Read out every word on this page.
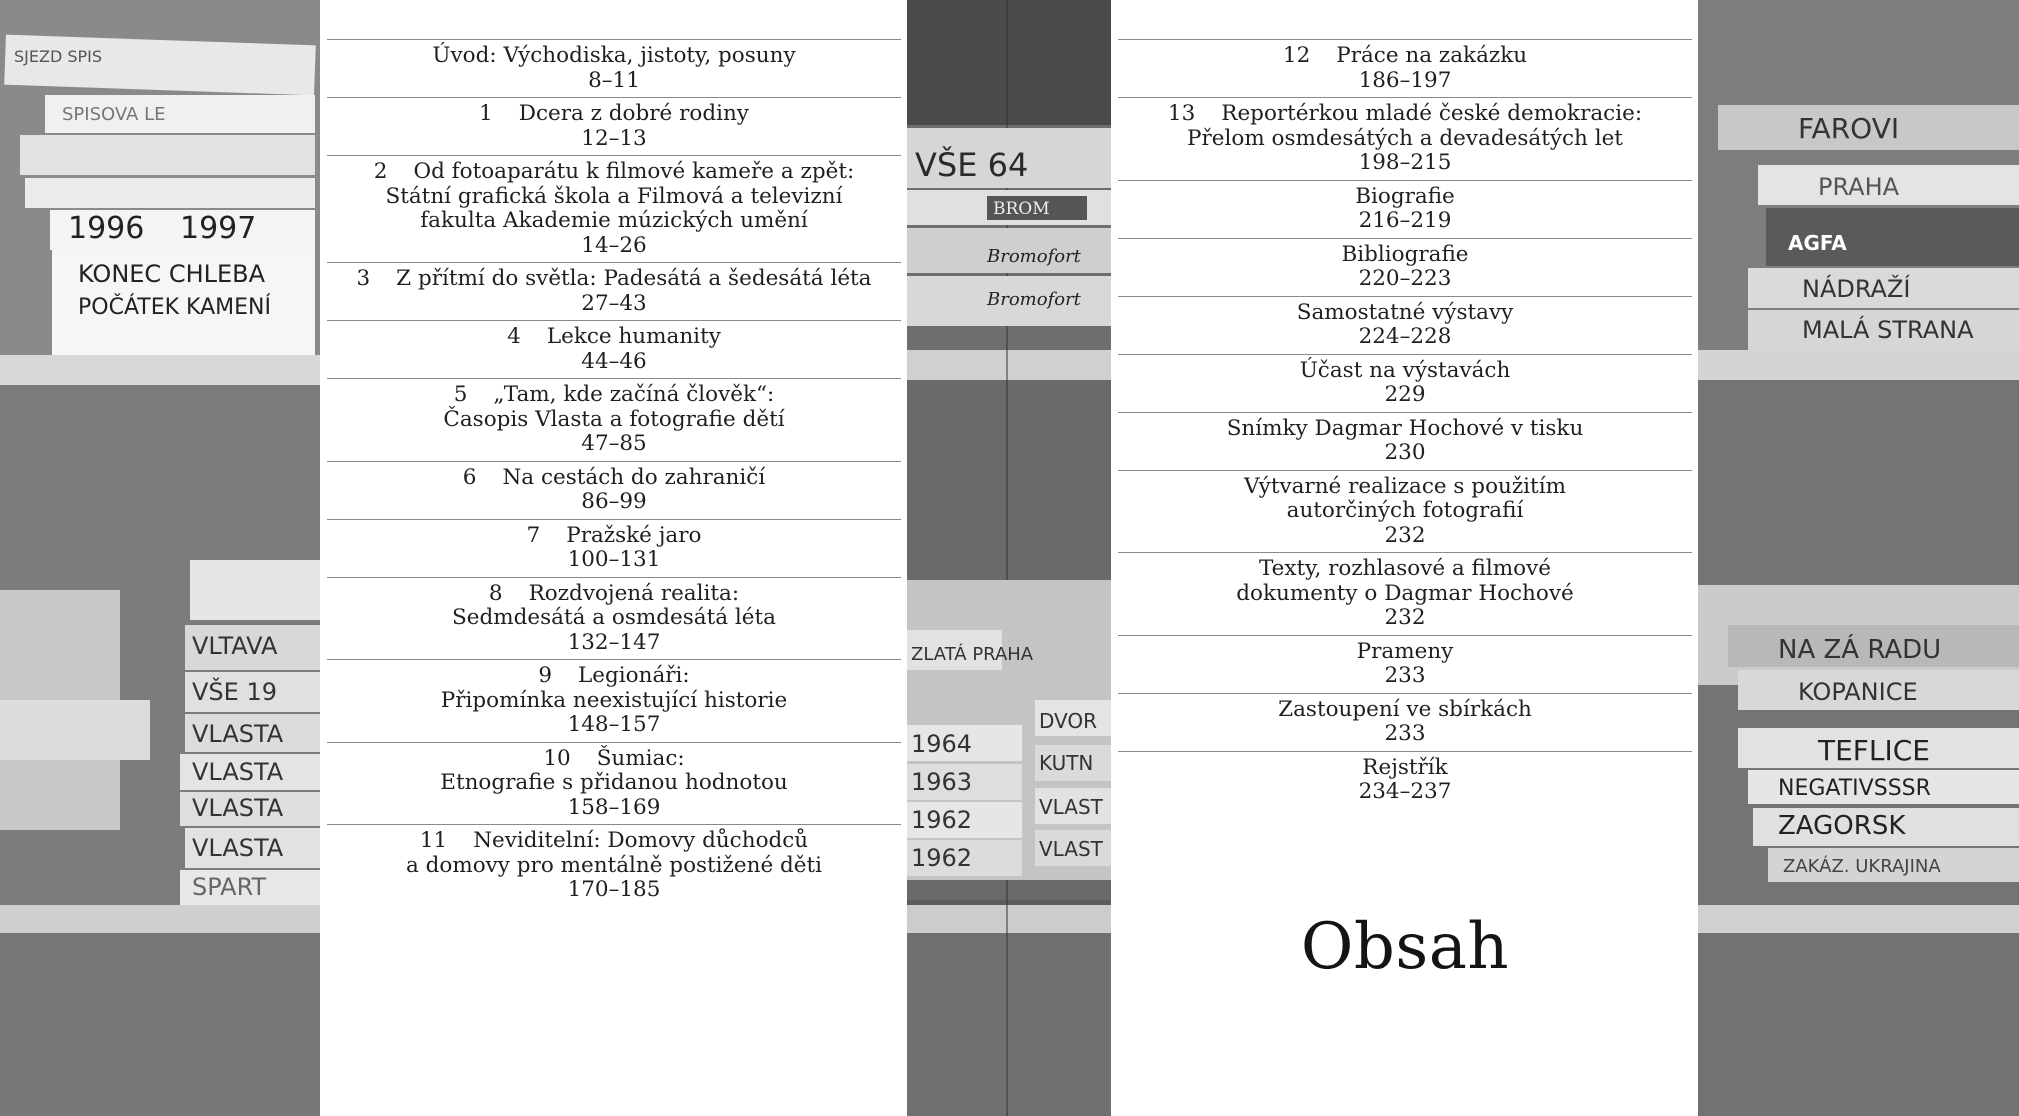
1996 1997
KONEC CHLEBA
POČÁTEK KAMENÍ
SJEZD SPIS
SPISOVA LE
VLTAVA
VŠE 19
VLASTA
VLASTA
VLASTA
VLASTA
SPART
Úvod: Východiska, jistoty, posuny
8–11
1 Dcera z dobré rodiny
12–13
2 Od fotoaparátu k filmové kameře a zpět:
Státní grafická škola a Filmová a televizní
fakulta Akademie múzických umění
14–26
3 Z přítmí do světla: Padesátá a šedesátá léta
27–43
4 Lekce humanity
44–46
5 „Tam, kde začíná člověk“:
Časopis Vlasta a fotografie dětí
47–85
6 Na cestách do zahraničí
86–99
7 Pražské jaro
100–131
8 Rozdvojená realita:
Sedmdesátá a osmdesátá léta
132–147
9 Legionáři:
Připomínka neexistující historie
148–157
10 Šumiac:
Etnografie s přidanou hodnotou
158–169
11 Neviditelní: Domovy důchodců
a domovy pro mentálně postižené děti
170–185
VŠE 64
BROM
Bromofort
Bromofort
ZLATÁ PRAHA
DVOR
1964
1963
1962
1962
KUTN
VLAST
VLAST
12 Práce na zakázku
186–197
13 Reportérkou mladé české demokracie:
Přelom osmdesátých a devadesátých let
198–215
Biografie
216–219
Bibliografie
220–223
Samostatné výstavy
224–228
Účast na výstavách
229
Snímky Dagmar Hochové v tisku
230
Výtvarné realizace s použitím
autorčiných fotografií
232
Texty, rozhlasové a filmové
dokumenty o Dagmar Hochové
232
Prameny
233
Zastoupení ve sbírkách
233
Rejstřík
234–237
Obsah
FAROVI
PRAHA
AGFA
NÁDRAŽÍ
MALÁ STRANA
NA ZÁ RADU
KOPANICE
TEFLICE
NEGATIVSSSR
ZAGORSK
ZAKÁZ. UKRAJINA
